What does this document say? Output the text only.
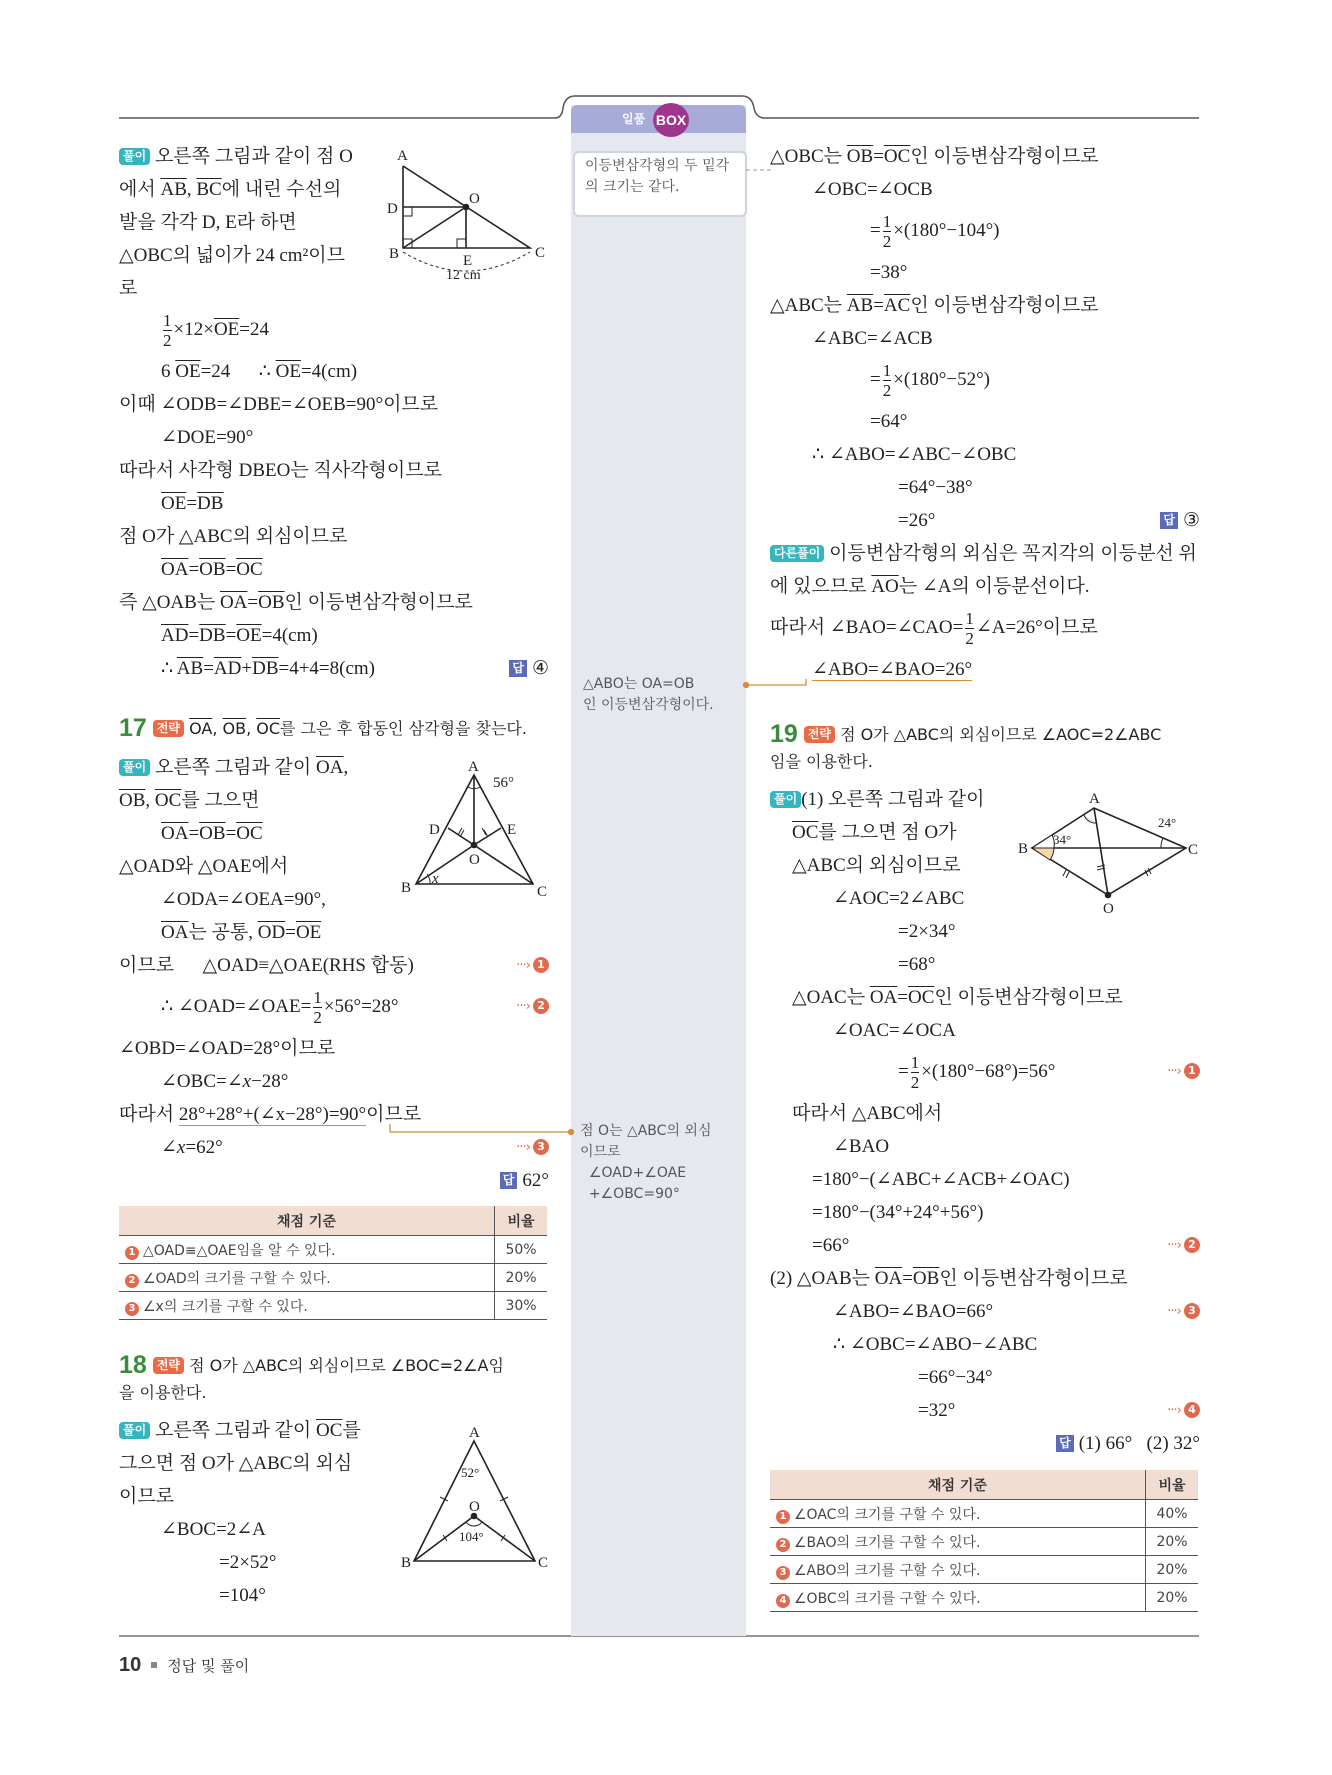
일품 BOX
이등변삼각형의 두 밑각
의 크기는 같다.
△ABO는 OA=OB
인 이등변삼각형이다.
점 O는 △ABC의 외심
이므로
∠OAD+∠OAE
+∠OBC=90°
A
D
O
B	E	C
12 cm
A
56°
D	E
O
B
x
C
A
52°
O
104°
B	C
A
B	C
O
34°
24°
풀이 오른쪽 그림과 같이 점 O
에서 $\overline{AB}$, $\overline{BC}$에 내린 수선의
발을 각각 D, E라 하면
△OBC의 넓이가 24 cm²이므
로
$\frac{1}{2} \times 12\times\overline{OE}=24$
6 $\overline{OE}=24$      ∴ $\overline{OE}=4(cm)$
이때 ∠ODB=∠DBE=∠OEB=90°이므로
∠DOE=90°
따라서 사각형 DBEO는 직사각형이므로
$\overline{OE}=\overline{DB}$
점 O가 △ABC의 외심이므로
$\overline{OA}=\overline{OB}=\overline{OC}$
즉 △OAB는 $\overline{OA}=\overline{OB}$인 이등변삼각형이므로
$\overline{AD}=\overline{DB}=\overline{OE}=4(cm)$
∴ $\overline{AB}=\overline{AD}+\overline{DB}=4+4=8(cm)$	답 ④
17 전략 $\overline{OA}$, $\overline{OB}$, $\overline{OC}$를 그은 후 합동인 삼각형을 찾는다.
풀이 오른쪽 그림과 같이 $\overline{OA}$,
$\overline{OB}$, $\overline{OC}$를 그으면
$\overline{OA}=\overline{OB}=\overline{OC}$
△OAD와 △OAE에서
∠ODA=∠OEA=90°,
$\overline{OA}$는 공통, $\overline{OD}=\overline{OE}$
이므로      △OAD≡△OAE(RHS 합동)	···› 1
∴ ∠OAD=∠OAE= $\frac{1}{2} \times 56^\circ=28^\circ$	···› 2
∠OBD=∠OAD=28°이므로
∠OBC=∠x−28°
따라서 28°+28°+(∠x−28°)=90°이므로
∠x=62°	···› 3
답 62°
채점 기준	비율
1 △OAD≡△OAE임을 알 수 있다.	50%
2 ∠OAD의 크기를 구할 수 있다.	20%
3 ∠x의 크기를 구할 수 있다.	30%
18 전략 점 O가 △ABC의 외심이므로 ∠BOC=2∠A임
을 이용한다.
풀이 오른쪽 그림과 같이 $\overline{OC}$를
그으면 점 O가 △ABC의 외심
이므로
∠BOC=2∠A
=2×52°
=104°
△OBC는 $\overline{OB}=\overline{OC}$인 이등변삼각형이므로
∠OBC=∠OCB
= $\frac{1}{2} \times(180^\circ-104^\circ)$
=38°
△ABC는 $\overline{AB}=\overline{AC}$인 이등변삼각형이므로
∠ABC=∠ACB
= $\frac{1}{2} \times(180^\circ-52^\circ)$
=64°
∴ ∠ABO=∠ABC−∠OBC
=64°−38°
=26°	답 ③
다른풀이 이등변삼각형의 외심은 꼭지각의 이등분선 위
에 있으므로 $\overline{AO}$는 ∠A의 이등분선이다.
따라서 ∠BAO=∠CAO= $\frac{1}{2}$ ∠A=26°이므로
∠ABO=∠BAO=26°
19 전략 점 O가 △ABC의 외심이므로 ∠AOC=2∠ABC
임을 이용한다.
풀이 (1) 오른쪽 그림과 같이
$\overline{OC}$를 그으면 점 O가
△ABC의 외심이므로
∠AOC=2∠ABC
=2×34°
=68°
△OAC는 $\overline{OA}=\overline{OC}$인 이등변삼각형이므로
∠OAC=∠OCA
= $\frac{1}{2} \times(180^\circ-68^\circ)=56^\circ$	···› 1
따라서 △ABC에서
∠BAO
=180°−(∠ABC+∠ACB+∠OAC)
=180°−(34°+24°+56°)
=66°	···› 2
(2) △OAB는 $\overline{OA}=\overline{OB}$인 이등변삼각형이므로
∠ABO=∠BAO=66°	···› 3
∴ ∠OBC=∠ABO−∠ABC
=66°−34°
=32°	···› 4
답 (1) 66°   (2) 32°
채점 기준	비율
1 ∠OAC의 크기를 구할 수 있다.	40%
2 ∠BAO의 크기를 구할 수 있다.	20%
3 ∠ABO의 크기를 구할 수 있다.	20%
4 ∠OBC의 크기를 구할 수 있다.	20%
10 정답 및 풀이
